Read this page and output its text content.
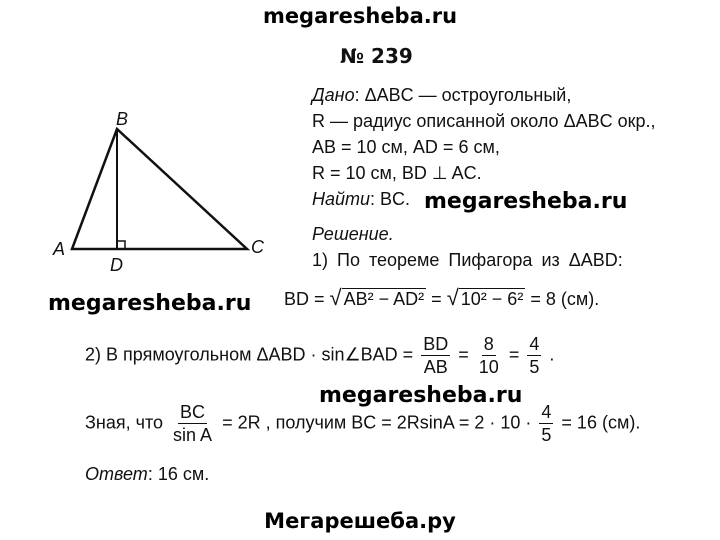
megaresheba.ru
megaresheba.ru
megaresheba.ru
megaresheba.ru
Мегарешеба.ру
A
B
C
D
№ 239
Дано: ΔABC — остроугольный,
R — радиус описанной около ΔABC окр.,
AB = 10 см, AD = 6 см,
R = 10 см, BD ⊥ AC.
Найти: BC.
Решение.
1) По теореме Пифагора из ΔABD:
BD = √ AB² − AD² = √ 10² − 6² = 8 (см).
2) В прямоугольном ΔABD · sin∠BAD = $\frac{BD}{AB} = \frac{8}{10} = \frac{4}{5}$ .
Зная, что $\frac{BC}{\text{sin A}} = 2R$ , получим BC = $2RsinA = 2 \cdot 10 \cdot \frac{4}{5} = 16$ (см).
Ответ: 16 см.
